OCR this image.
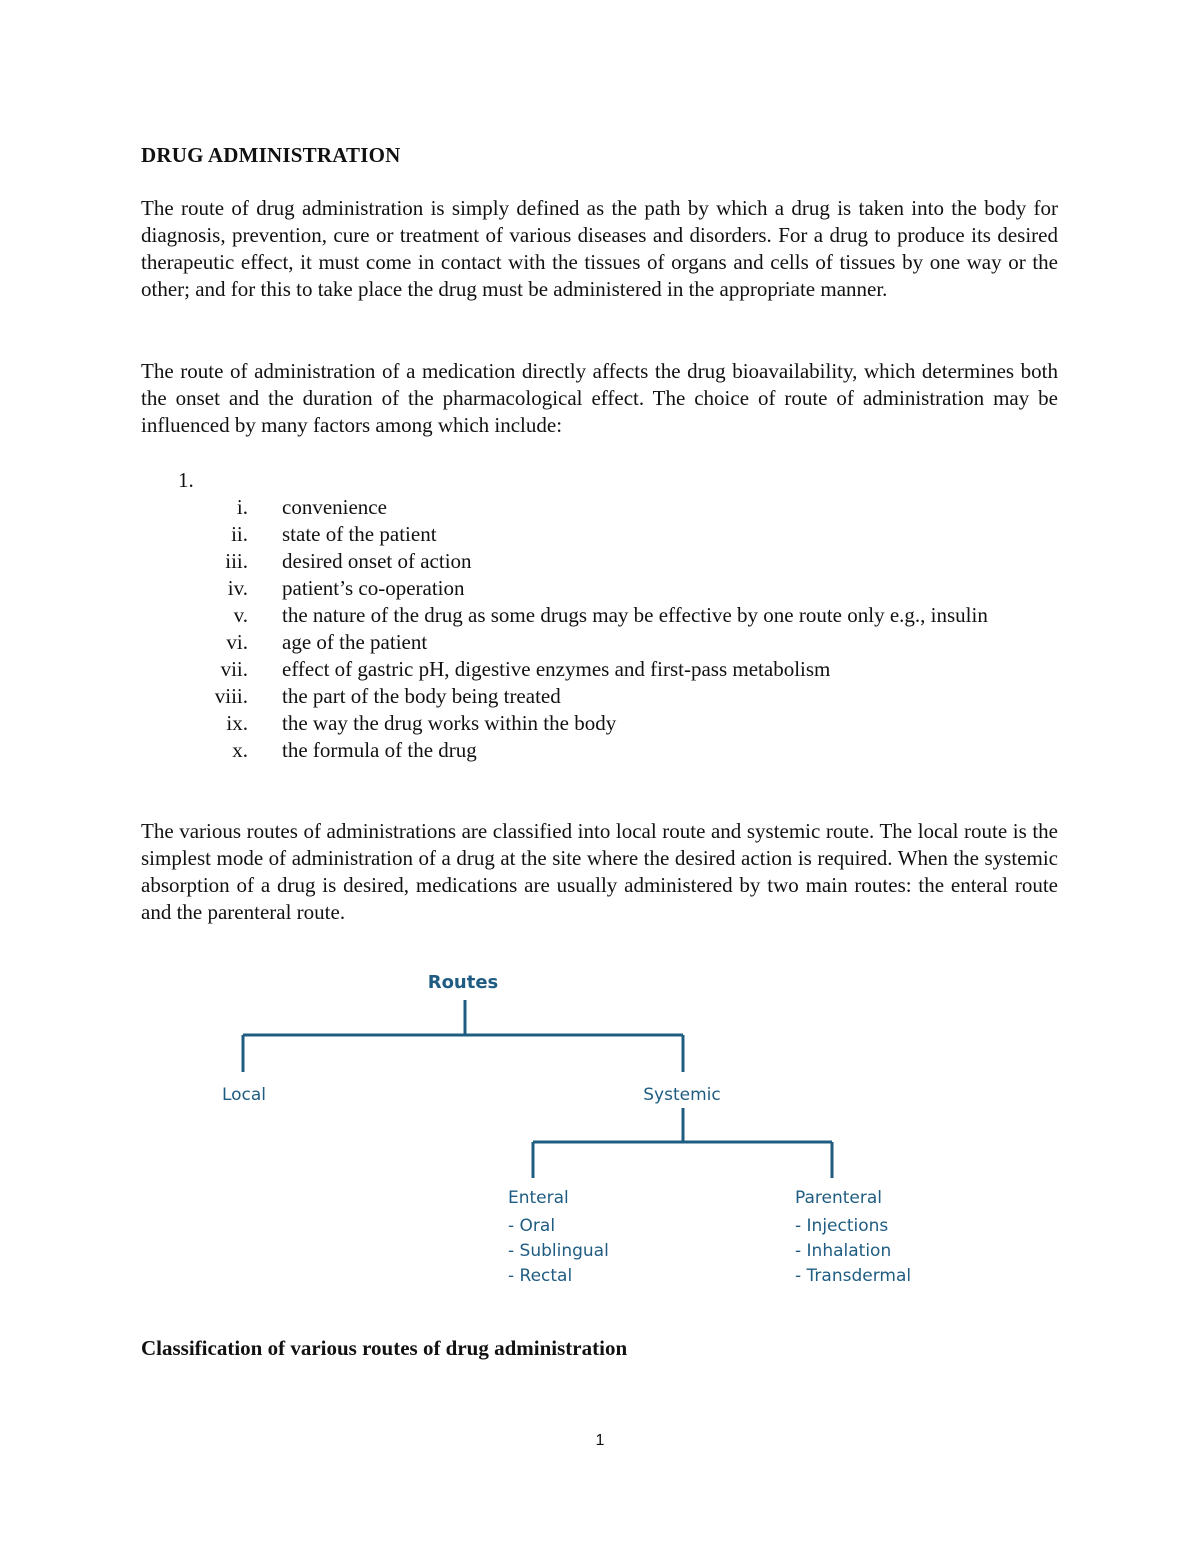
DRUG ADMINISTRATION

The route of drug administration is simply defined as the path by which a drug is taken into the body for diagnosis, prevention, cure or treatment of various diseases and disorders. For a drug to produce its desired therapeutic effect, it must come in contact with the tissues of organs and cells of tissues by one way or the other; and for this to take place the drug must be administered in the appropriate manner.

The route of administration of a medication directly affects the drug bioavailability, which determines both the onset and the duration of the pharmacological effect. The choice of route of administration may be influenced by many factors among which include:

1.
i. convenience
ii. state of the patient
iii. desired onset of action
iv. patient’s co-operation
v. the nature of the drug as some drugs may be effective by one route only e.g., insulin
vi. age of the patient
vii. effect of gastric pH, digestive enzymes and first-pass metabolism
viii. the part of the body being treated
ix. the way the drug works within the body
x. the formula of the drug

The various routes of administrations are classified into local route and systemic route. The local route is the simplest mode of administration of a drug at the site where the desired action is required. When the systemic absorption of a drug is desired, medications are usually administered by two main routes: the enteral route and the parenteral route.

Routes
Local	Systemic
Enteral
- Oral
- Sublingual
- Rectal
Parenteral
- Injections
- Inhalation
- Transdermal

Classification of various routes of drug administration

1
